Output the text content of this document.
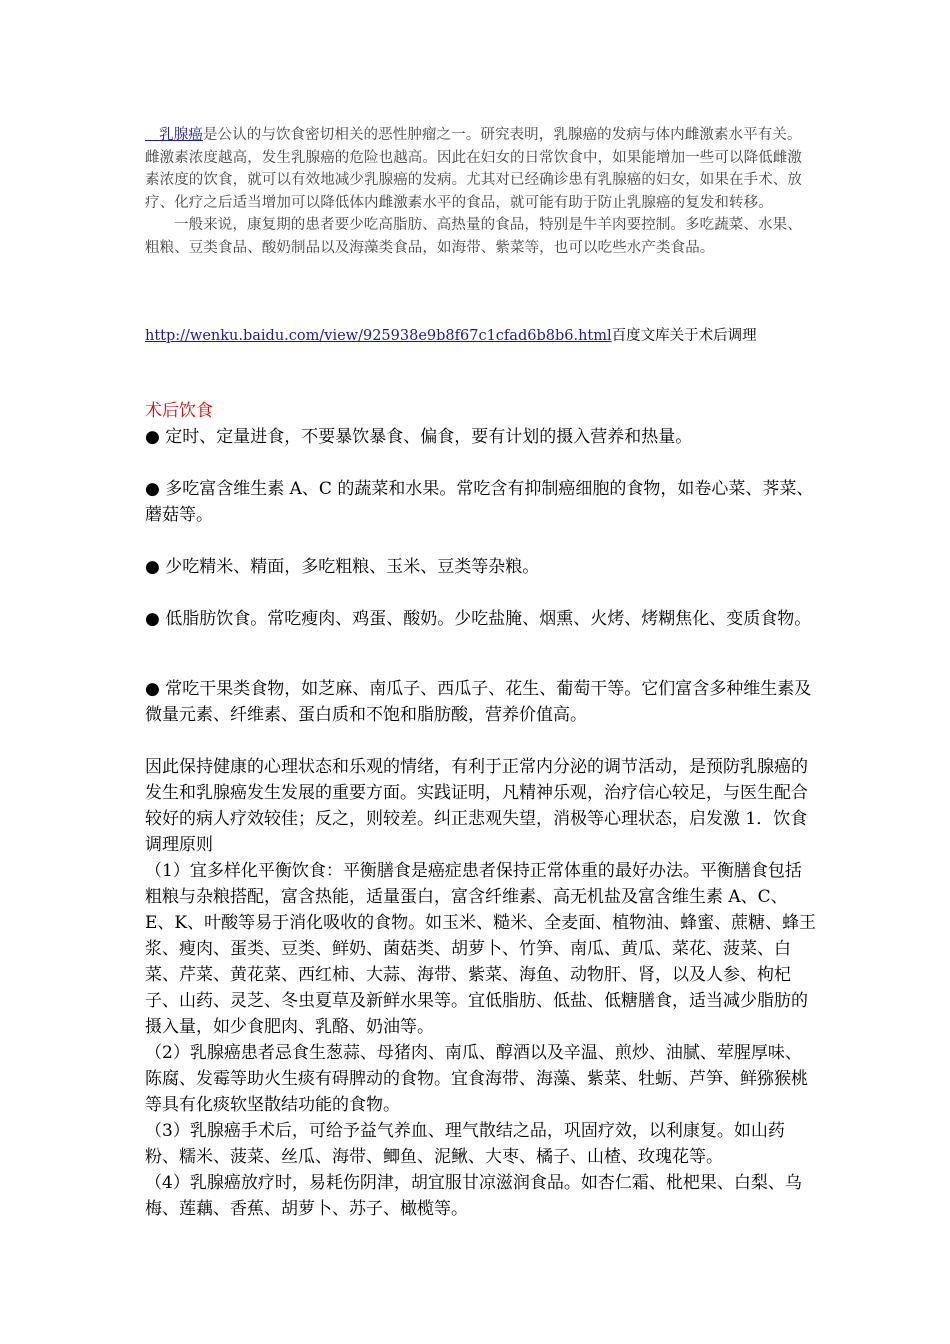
乳腺癌是公认的与饮食密切相关的恶性肿瘤之一。研究表明，乳腺癌的发病与体内雌激素水平有关。雌激素浓度越高，发生乳腺癌的危险也越高。因此在妇女的日常饮食中，如果能增加一些可以降低雌激素浓度的饮食，就可以有效地减少乳腺癌的发病。尤其对已经确诊患有乳腺癌的妇女，如果在手术、放疗、化疗之后适当增加可以降低体内雌激素水平的食品，就可能有助于防止乳腺癌的复发和转移。

一般来说，康复期的患者要少吃高脂肪、高热量的食品，特别是牛羊肉要控制。多吃蔬菜、水果、粗粮、豆类食品、酸奶制品以及海藻类食品，如海带、紫菜等，也可以吃些水产类食品。

http://wenku.baidu.com/view/925938e9b8f67c1cfad6b8b6.html百度文库关于术后调理

术后饮食

● 定时、定量进食，不要暴饮暴食、偏食，要有计划的摄入营养和热量。

● 多吃富含维生素 A、C 的蔬菜和水果。常吃含有抑制癌细胞的食物，如卷心菜、荠菜、蘑菇等。

● 少吃精米、精面，多吃粗粮、玉米、豆类等杂粮。

● 低脂肪饮食。常吃瘦肉、鸡蛋、酸奶。少吃盐腌、烟熏、火烤、烤糊焦化、变质食物。

● 常吃干果类食物，如芝麻、南瓜子、西瓜子、花生、葡萄干等。它们富含多种维生素及微量元素、纤维素、蛋白质和不饱和脂肪酸，营养价值高。

因此保持健康的心理状态和乐观的情绪，有利于正常内分泌的调节活动，是预防乳腺癌的发生和乳腺癌发生发展的重要方面。实践证明，凡精神乐观，治疗信心较足，与医生配合较好的病人疗效较佳；反之，则较差。纠正悲观失望，消极等心理状态，启发激 1．饮食调理原则

（1）宜多样化平衡饮食：平衡膳食是癌症患者保持正常体重的最好办法。平衡膳食包括粗粮与杂粮搭配，富含热能，适量蛋白，富含纤维素、高无机盐及富含维生素 A、C、E、K、叶酸等易于消化吸收的食物。如玉米、糙米、全麦面、植物油、蜂蜜、蔗糖、蜂王浆、瘦肉、蛋类、豆类、鲜奶、菌菇类、胡萝卜、竹笋、南瓜、黄瓜、菜花、菠菜、白菜、芹菜、黄花菜、西红柿、大蒜、海带、紫菜、海鱼、动物肝、肾，以及人参、枸杞子、山药、灵芝、冬虫夏草及新鲜水果等。宜低脂肪、低盐、低糖膳食，适当减少脂肪的摄入量，如少食肥肉、乳酪、奶油等。

（2）乳腺癌患者忌食生葱蒜、母猪肉、南瓜、醇酒以及辛温、煎炒、油腻、荤腥厚味、陈腐、发霉等助火生痰有碍脾动的食物。宜食海带、海藻、紫菜、牡蛎、芦笋、鲜猕猴桃等具有化痰软坚散结功能的食物。

（3）乳腺癌手术后，可给予益气养血、理气散结之品，巩固疗效，以利康复。如山药粉、糯米、菠菜、丝瓜、海带、鲫鱼、泥鳅、大枣、橘子、山楂、玫瑰花等。

（4）乳腺癌放疗时，易耗伤阴津，胡宜服甘凉滋润食品。如杏仁霜、枇杷果、白梨、乌梅、莲藕、香蕉、胡萝卜、苏子、橄榄等。
